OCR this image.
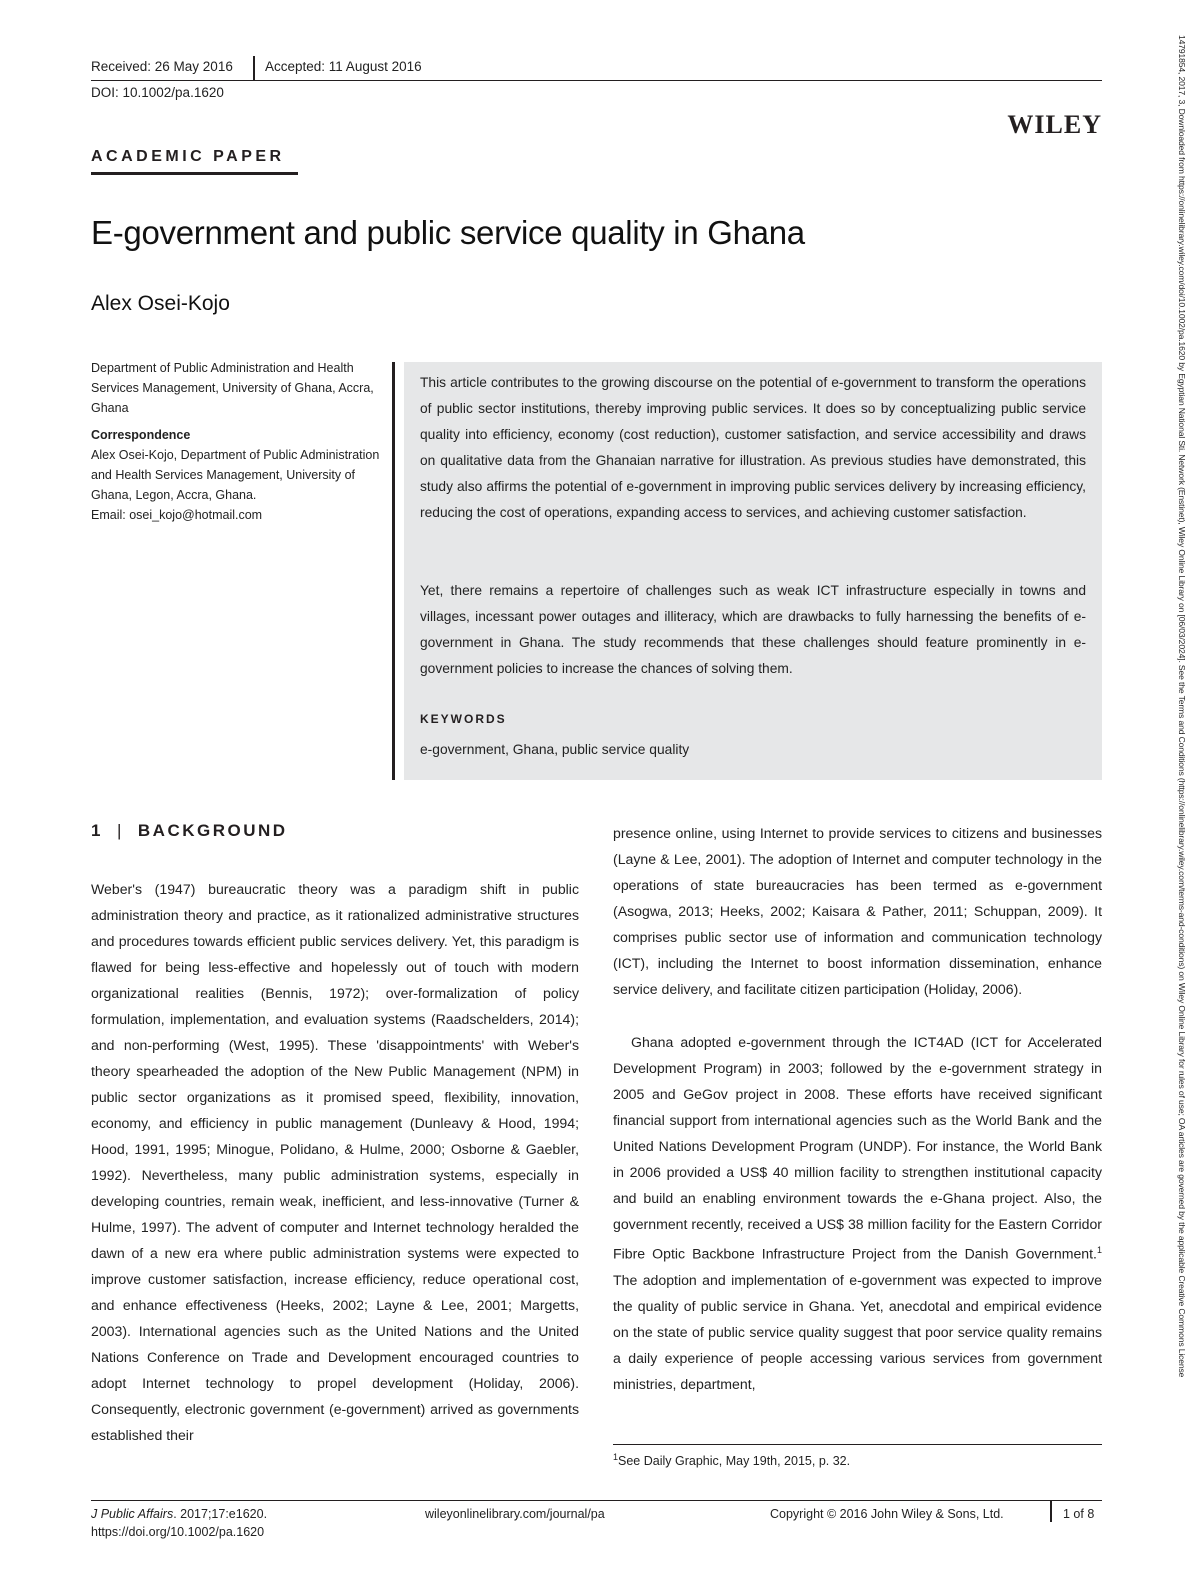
Received: 26 May 2016 Accepted: 11 August 2016
DOI: 10.1002/pa.1620
WILEY
ACADEMIC PAPER
E-government and public service quality in Ghana
Alex Osei-Kojo
Department of Public Administration and Health Services Management, University of Ghana, Accra, Ghana
Correspondence
Alex Osei-Kojo, Department of Public Administration and Health Services Management, University of Ghana, Legon, Accra, Ghana.
Email: osei_kojo@hotmail.com
This article contributes to the growing discourse on the potential of e-government to transform the operations of public sector institutions, thereby improving public services. It does so by conceptualizing public service quality into efficiency, economy (cost reduction), customer satisfaction, and service accessibility and draws on qualitative data from the Ghanaian narrative for illustration. As previous studies have demonstrated, this study also affirms the potential of e-government in improving public services delivery by increasing efficiency, reducing the cost of operations, expanding access to services, and achieving customer satisfaction.
Yet, there remains a repertoire of challenges such as weak ICT infrastructure especially in towns and villages, incessant power outages and illiteracy, which are drawbacks to fully harnessing the benefits of e-government in Ghana. The study recommends that these challenges should feature prominently in e-government policies to increase the chances of solving them.
KEYWORDS
e-government, Ghana, public service quality
1 | BACKGROUND
Weber's (1947) bureaucratic theory was a paradigm shift in public administration theory and practice, as it rationalized administrative structures and procedures towards efficient public services delivery. Yet, this paradigm is flawed for being less-effective and hopelessly out of touch with modern organizational realities (Bennis, 1972); over-formalization of policy formulation, implementation, and evaluation systems (Raadschelders, 2014); and non-performing (West, 1995). These 'disappointments' with Weber's theory spearheaded the adoption of the New Public Management (NPM) in public sector organizations as it promised speed, flexibility, innovation, economy, and efficiency in public management (Dunleavy & Hood, 1994; Hood, 1991, 1995; Minogue, Polidano, & Hulme, 2000; Osborne & Gaebler, 1992). Nevertheless, many public administration systems, especially in developing countries, remain weak, inefficient, and less-innovative (Turner & Hulme, 1997). The advent of computer and Internet technology heralded the dawn of a new era where public administration systems were expected to improve customer satisfaction, increase efficiency, reduce operational cost, and enhance effectiveness (Heeks, 2002; Layne & Lee, 2001; Margetts, 2003). International agencies such as the United Nations and the United Nations Conference on Trade and Development encouraged countries to adopt Internet technology to propel development (Holiday, 2006). Consequently, electronic government (e-government) arrived as governments established their
presence online, using Internet to provide services to citizens and businesses (Layne & Lee, 2001). The adoption of Internet and computer technology in the operations of state bureaucracies has been termed as e-government (Asogwa, 2013; Heeks, 2002; Kaisara & Pather, 2011; Schuppan, 2009). It comprises public sector use of information and communication technology (ICT), including the Internet to boost information dissemination, enhance service delivery, and facilitate citizen participation (Holiday, 2006).
Ghana adopted e-government through the ICT4AD (ICT for Accelerated Development Program) in 2003; followed by the e-government strategy in 2005 and GeGov project in 2008. These efforts have received significant financial support from international agencies such as the World Bank and the United Nations Development Program (UNDP). For instance, the World Bank in 2006 provided a US$ 40 million facility to strengthen institutional capacity and build an enabling environment towards the e-Ghana project. Also, the government recently, received a US$ 38 million facility for the Eastern Corridor Fibre Optic Backbone Infrastructure Project from the Danish Government.$^1$ The adoption and implementation of e-government was expected to improve the quality of public service in Ghana. Yet, anecdotal and empirical evidence on the state of public service quality suggest that poor service quality remains a daily experience of people accessing various services from government ministries, department,
$^1$See Daily Graphic, May 19th, 2015, p. 32.
J Public Affairs. 2017;17:e1620.
https://doi.org/10.1002/pa.1620
wileyonlinelibrary.com/journal/pa	Copyright © 2016 John Wiley & Sons, Ltd.	1 of 8
14791854, 2017, 3, Downloaded from https://onlinelibrary.wiley.com/doi/10.1002/pa.1620 by Egyptian National Sti. Network (Enstinet), Wiley Online Library on [06/03/2024]. See the Terms and Conditions (https://onlinelibrary.wiley.com/terms-and-conditions) on Wiley Online Library for rules of use; OA articles are governed by the applicable Creative Commons License
